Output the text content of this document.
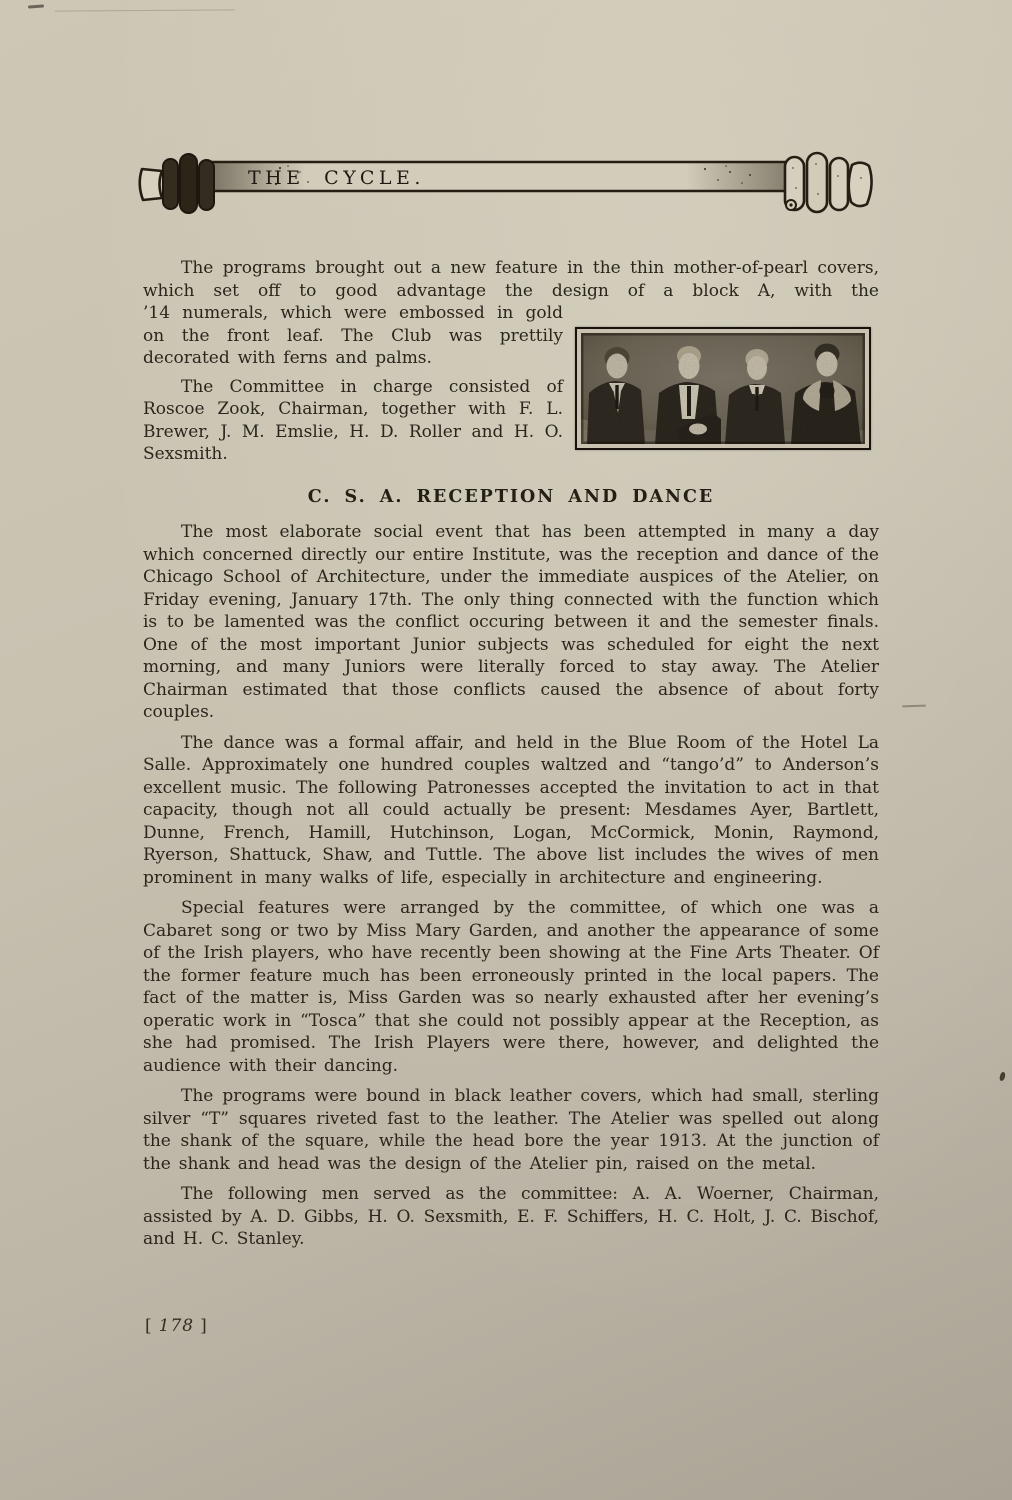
THE CYCLE.

The programs brought out a new feature in the thin mother-of-pearl covers, which set off to good advantage the design of a block A, with the

’14 numerals, which were embossed in gold on the front leaf. The Club was prettily decorated with ferns and palms.

The Committee in charge consisted of Roscoe Zook, Chairman, together with F. L. Brewer, J. M. Emslie, H. D. Roller and H. O. Sexsmith.

C. S. A. RECEPTION AND DANCE

The most elaborate social event that has been attempted in many a day which concerned directly our entire Institute, was the reception and dance of the Chicago School of Architecture, under the immediate auspices of the Atelier, on Friday evening, January 17th. The only thing connected with the function which is to be lamented was the conflict occuring between it and the semester finals. One of the most important Junior subjects was scheduled for eight the next morning, and many Juniors were literally forced to stay away. The Atelier Chairman estimated that those conflicts caused the absence of about forty couples.

The dance was a formal affair, and held in the Blue Room of the Hotel La Salle. Approximately one hundred couples waltzed and “tango’d” to Anderson’s excellent music. The following Patronesses accepted the invitation to act in that capacity, though not all could actually be present: Mesdames Ayer, Bartlett, Dunne, French, Hamill, Hutchinson, Logan, McCormick, Monin, Raymond, Ryerson, Shattuck, Shaw, and Tuttle. The above list includes the wives of men prominent in many walks of life, especially in architecture and engineering.

Special features were arranged by the committee, of which one was a Cabaret song or two by Miss Mary Garden, and another the appearance of some of the Irish players, who have recently been showing at the Fine Arts Theater. Of the former feature much has been erroneously printed in the local papers. The fact of the matter is, Miss Garden was so nearly exhausted after her evening’s operatic work in “Tosca” that she could not possibly appear at the Reception, as she had promised. The Irish Players were there, however, and delighted the audience with their dancing.

The programs were bound in black leather covers, which had small, sterling silver “T” squares riveted fast to the leather. The Atelier was spelled out along the shank of the square, while the head bore the year 1913. At the junction of the shank and head was the design of the Atelier pin, raised on the metal.

The following men served as the committee: A. A. Woerner, Chairman, assisted by A. D. Gibbs, H. O. Sexsmith, E. F. Schiffers, H. C. Holt, J. C. Bischof, and H. C. Stanley.

[ 178 ]
